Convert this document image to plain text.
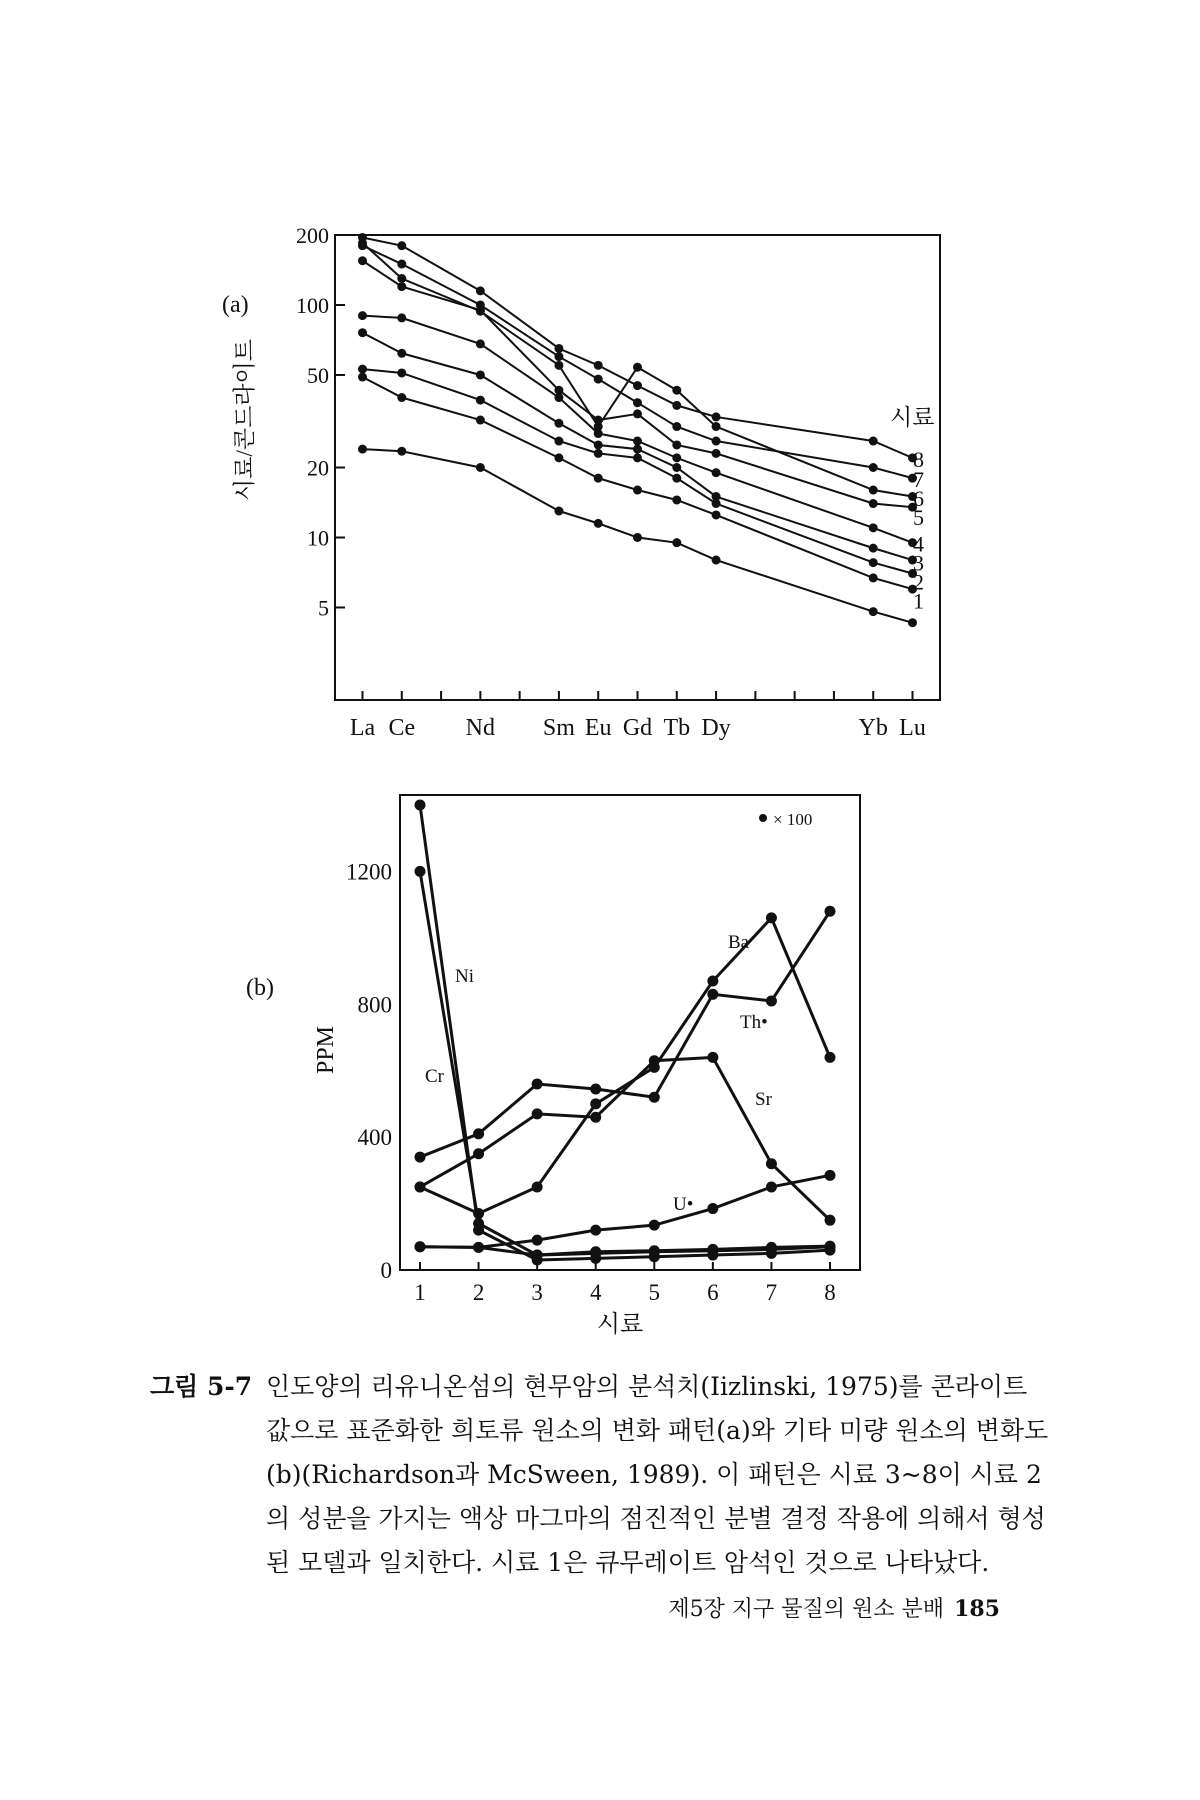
200
100
50
20
10
5
La Ce Nd Sm Eu Gd Tb Dy	Yb Lu
(a)
시료/콘드라이트	8
7
6
5
4
3
2
1
시료
0
400
800
1200
1 2 3 4 5 6 7 8
시료
PPM
(b)
× 100
Ni
Cr
Ba
Th•
Sr
U•
그림 5-7 인도양의 리유니온섬의 현무암의 분석치(Iizlinski, 1975)를 콘라이트 값으로 표준화한 희토류 원소의 변화 패턴(a)와 기타 미량 원소의 변화도(b)(Richardson과 McSween, 1989). 이 패턴은 시료 3~8이 시료 2의 성분을 가지는 액상 마그마의 점진적인 분별 결정 작용에 의해서 형성된 모델과 일치한다. 시료 1은 큐무레이트 암석인 것으로 나타났다.
제5장 지구 물질의 원소 분배 185
